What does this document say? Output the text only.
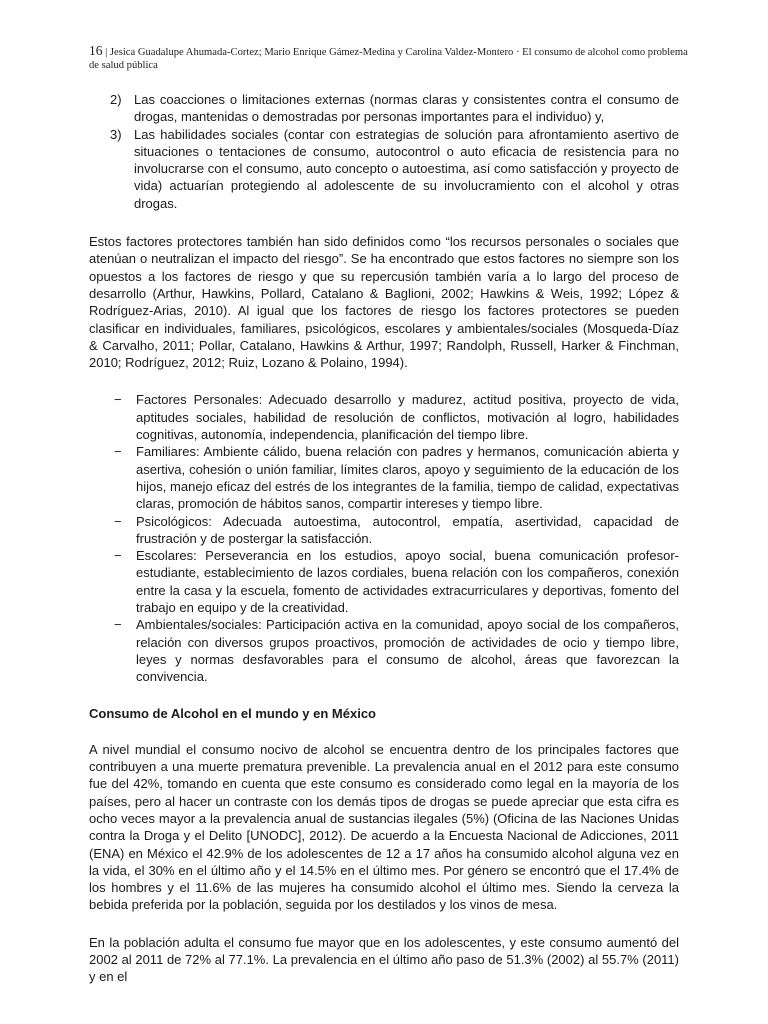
16 | Jesica Guadalupe Ahumada-Cortez; Mario Enrique Gámez-Medina y Carolina Valdez-Montero · El consumo de alcohol como problema de salud pública
2) Las coacciones o limitaciones externas (normas claras y consistentes contra el consumo de drogas, mantenidas o demostradas por personas importantes para el individuo) y,
3) Las habilidades sociales (contar con estrategias de solución para afrontamiento asertivo de situaciones o tentaciones de consumo, autocontrol o auto eficacia de resistencia para no involucrarse con el consumo, auto concepto o autoestima, así como satisfacción y proyecto de vida) actuarían protegiendo al adolescente de su involucramiento con el alcohol y otras drogas.

Estos factores protectores también han sido definidos como “los recursos personales o sociales que atenúan o neutralizan el impacto del riesgo”. Se ha encontrado que estos factores no siempre son los opuestos a los factores de riesgo y que su repercusión también varía a lo largo del proceso de desarrollo (Arthur, Hawkins, Pollard, Catalano & Baglioni, 2002; Hawkins & Weis, 1992; López & Rodríguez-Arias, 2010). Al igual que los factores de riesgo los factores protectores se pueden clasificar en individuales, familiares, psicológicos, escolares y ambientales/sociales (Mosqueda-Díaz & Carvalho, 2011; Pollar, Catalano, Hawkins & Arthur, 1997; Randolph, Russell, Harker & Finchman, 2010; Rodríguez, 2012; Ruiz, Lozano & Polaino, 1994).

− Factores Personales: Adecuado desarrollo y madurez, actitud positiva, proyecto de vida, aptitudes sociales, habilidad de resolución de conflictos, motivación al logro, habilidades cognitivas, autonomía, independencia, planificación del tiempo libre.
− Familiares: Ambiente cálido, buena relación con padres y hermanos, comunicación abierta y asertiva, cohesión o unión familiar, límites claros, apoyo y seguimiento de la educación de los hijos, manejo eficaz del estrés de los integrantes de la familia, tiempo de calidad, expectativas claras, promoción de hábitos sanos, compartir intereses y tiempo libre.
− Psicológicos: Adecuada autoestima, autocontrol, empatía, asertividad, capacidad de frustración y de postergar la satisfacción.
− Escolares: Perseverancia en los estudios, apoyo social, buena comunicación profesor-estudiante, establecimiento de lazos cordiales, buena relación con los compañeros, conexión entre la casa y la escuela, fomento de actividades extracurriculares y deportivas, fomento del trabajo en equipo y de la creatividad.
− Ambientales/sociales: Participación activa en la comunidad, apoyo social de los compañeros, relación con diversos grupos proactivos, promoción de actividades de ocio y tiempo libre, leyes y normas desfavorables para el consumo de alcohol, áreas que favorezcan la convivencia.
Consumo de Alcohol en el mundo y en México

A nivel mundial el consumo nocivo de alcohol se encuentra dentro de los principales factores que contribuyen a una muerte prematura prevenible. La prevalencia anual en el 2012 para este consumo fue del 42%, tomando en cuenta que este consumo es considerado como legal en la mayoría de los países, pero al hacer un contraste con los demás tipos de drogas se puede apreciar que esta cifra es ocho veces mayor a la prevalencia anual de sustancias ilegales (5%) (Oficina de las Naciones Unidas contra la Droga y el Delito [UNODC], 2012). De acuerdo a la Encuesta Nacional de Adicciones, 2011 (ENA) en México el 42.9% de los adolescentes de 12 a 17 años ha consumido alcohol alguna vez en la vida, el 30% en el último año y el 14.5% en el último mes. Por género se encontró que el 17.4% de los hombres y el 11.6% de las mujeres ha consumido alcohol el último mes. Siendo la cerveza la bebida preferida por la población, seguida por los destilados y los vinos de mesa.

En la población adulta el consumo fue mayor que en los adolescentes, y este consumo aumentó del 2002 al 2011 de 72% al 77.1%. La prevalencia en el último año paso de 51.3% (2002) al 55.7% (2011) y en el
